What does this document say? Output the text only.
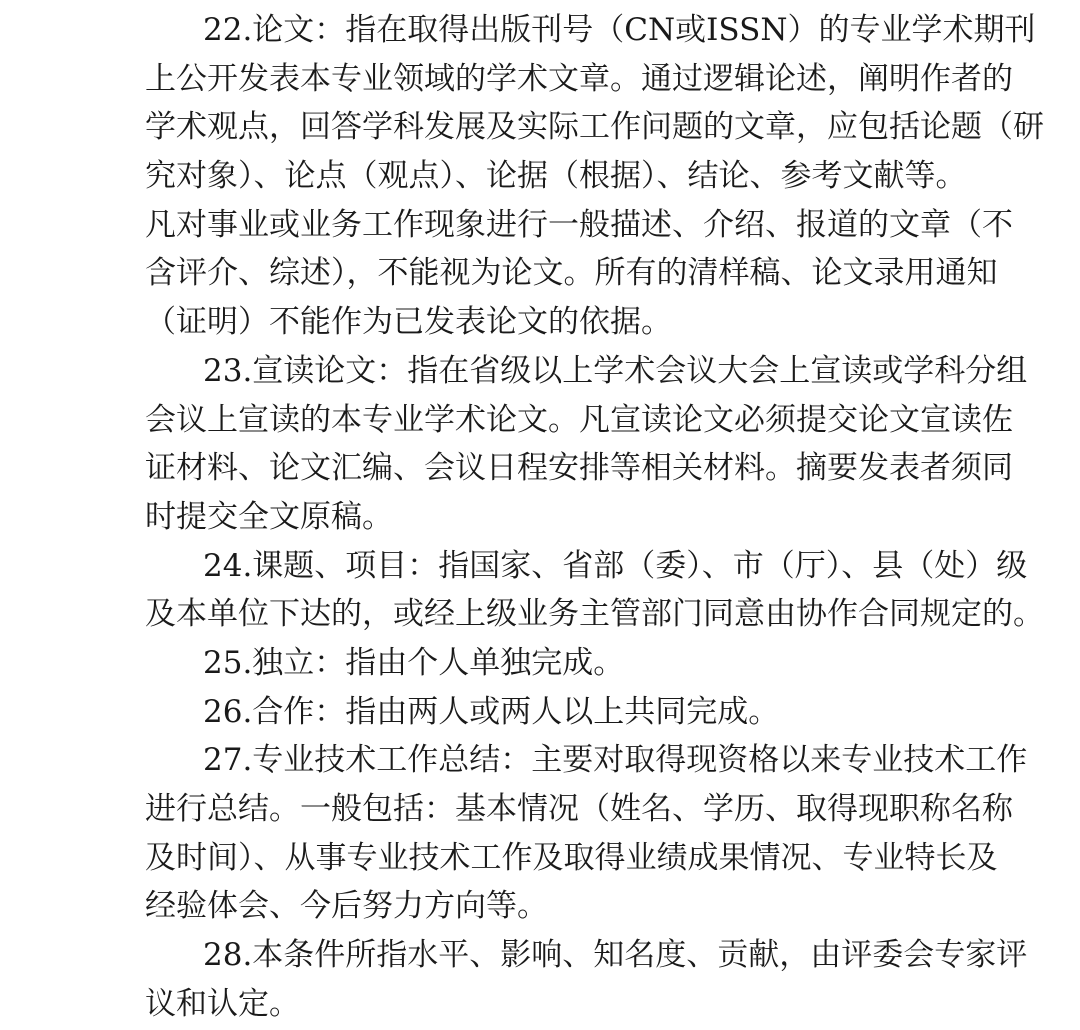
22.论文：指在取得出版刊号（CN或ISSN）的专业学术期刊
上公开发表本专业领域的学术文章。通过逻辑论述，阐明作者的
学术观点，回答学科发展及实际工作问题的文章，应包括论题（研
究对象）、论点（观点）、论据（根据）、结论、参考文献等。
凡对事业或业务工作现象进行一般描述、介绍、报道的文章（不
含评介、综述），不能视为论文。所有的清样稿、论文录用通知
（证明）不能作为已发表论文的依据。
23.宣读论文：指在省级以上学术会议大会上宣读或学科分组
会议上宣读的本专业学术论文。凡宣读论文必须提交论文宣读佐
证材料、论文汇编、会议日程安排等相关材料。摘要发表者须同
时提交全文原稿。
24.课题、项目：指国家、省部（委）、市（厅）、县（处）级
及本单位下达的，或经上级业务主管部门同意由协作合同规定的。
25.独立：指由个人单独完成。
26.合作：指由两人或两人以上共同完成。
27.专业技术工作总结：主要对取得现资格以来专业技术工作
进行总结。一般包括：基本情况（姓名、学历、取得现职称名称
及时间）、从事专业技术工作及取得业绩成果情况、专业特长及
经验体会、今后努力方向等。
28.本条件所指水平、影响、知名度、贡献，由评委会专家评
议和认定。
